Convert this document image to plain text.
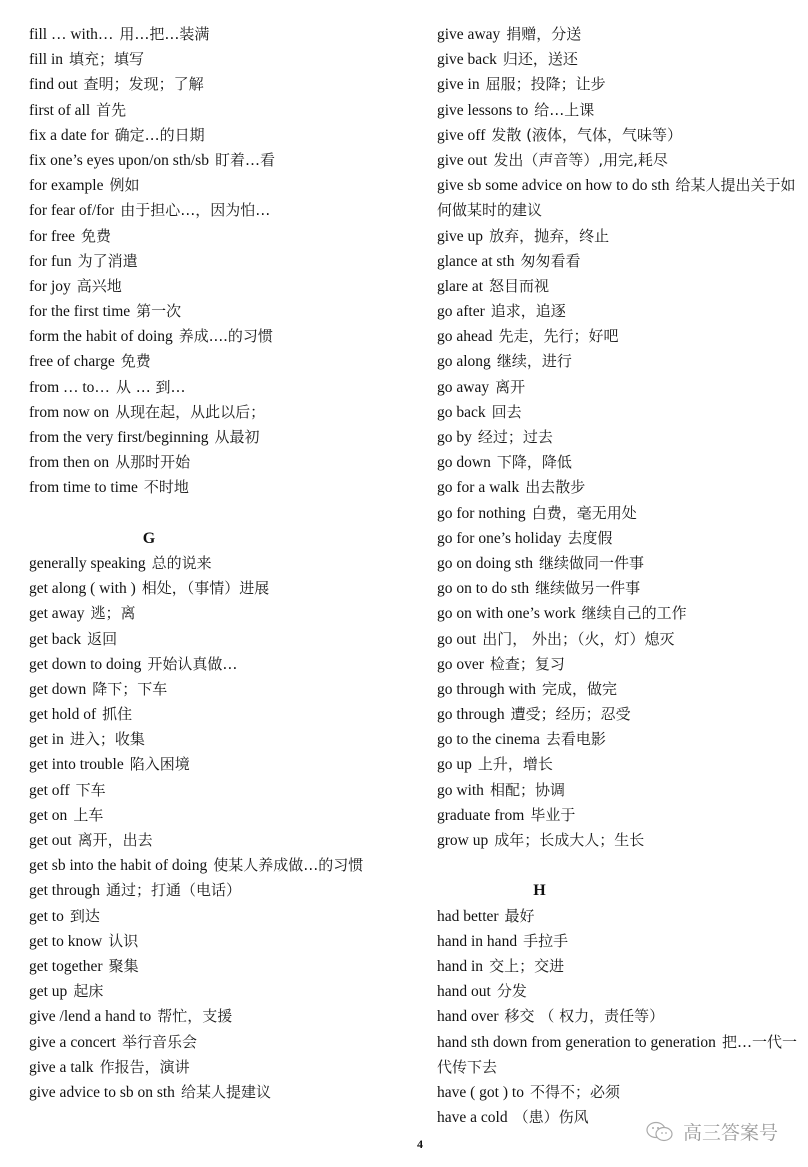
fill … with… 用…把…装满
fill in 填充；填写
find out 查明；发现；了解
first of all 首先
fix a date for 确定…的日期
fix one’s eyes upon/on sth/sb 盯着…看
for example 例如
for fear of/for 由于担心…，因为怕…
for free 免费
for fun 为了消遣
for joy 高兴地
for the first time 第一次
form the habit of doing 养成....的习惯
free of charge 免费
from … to… 从 … 到…
from now on 从现在起，从此以后；
from the very first/beginning 从最初
from then on 从那时开始
from time to time 不时地
G
generally speaking 总的说来
get along ( with ) 相处，（事情）进展
get away 逃；离
get back 返回
get down to doing 开始认真做…
get down 降下；下车
get hold of 抓住
get in 进入；收集
get into trouble 陷入困境
get off 下车
get on 上车
get out 离开，出去
get sb into the habit of doing 使某人养成做…的习惯
get through 通过；打通（电话）
get to 到达
get to know 认识
get together 聚集
get up 起床
give /lend a hand to 帮忙，支援
give a concert 举行音乐会
give a talk 作报告，演讲
give advice to sb on sth 给某人提建议
give away 捐赠，分送
give back 归还，送还
give in 屈服；投降；让步
give lessons to 给…上课
give off 发散 (液体，气体，气味等）
give out 发出（声音等）,用完,耗尽
give sb some advice on how to do sth 给某人提出关于如何做某时的建议
give up 放弃，抛弃，终止
glance at sth 匆匆看看
glare at 怒目而视
go after 追求，追逐
go ahead 先走，先行；好吧
go along 继续，进行
go away 离开
go back 回去
go by 经过；过去
go down 下降，降低
go for a walk 出去散步
go for nothing 白费，毫无用处
go for one’s holiday 去度假
go on doing sth 继续做同一件事
go on to do sth 继续做另一件事
go on with one’s work 继续自己的工作
go out 出门， 外出；（火，灯）熄灭
go over 检查；复习
go through with 完成，做完
go through 遭受；经历；忍受
go to the cinema 去看电影
go up 上升，增长
go with 相配；协调
graduate from 毕业于
grow up 成年；长成大人；生长
H
had better 最好
hand in hand 手拉手
hand in 交上；交进
hand out 分发
hand over 移交 （ 权力，责任等）
hand sth down from generation to generation 把…一代一代传下去
have ( got ) to 不得不；必须
have a cold （患）伤风
4	高三答案号
